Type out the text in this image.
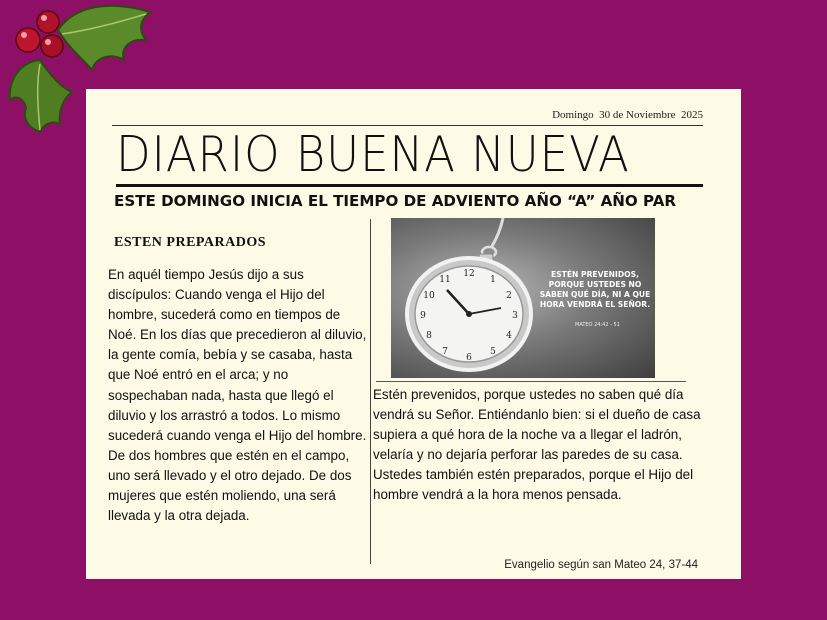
Domingo  30 de Noviembre  2025
DIARIO BUENA NUEVA
ESTE DOMINGO INICIA EL TIEMPO DE ADVIENTO AÑO “A” AÑO PAR
ESTEN PREPARADOS
En aquél tiempo Jesús dijo a sus discípulos: Cuando venga el Hijo del hombre, sucederá como en tiempos de Noé. En los días que precedieron al diluvio, la gente comía, bebía y se casaba, hasta que Noé entró en el arca; y no sospechaban nada, hasta que llegó el diluvio y los arrastró a todos. Lo mismo sucederá cuando venga el Hijo del hombre. De dos hombres que estén en el campo, uno será llevado y el otro dejado. De dos mujeres que estén moliendo, una será llevada y la otra dejada.
12
1
2
3
4
5
6
7
8
9
10
11
ESTÉN PREVENIDOS, PORQUE USTEDES NO SABEN QUÉ DÍA, NI A QUE HORA VENDRÁ EL SEÑOR.
MATEO 24:42 - 51
Estén prevenidos, porque ustedes no saben qué día vendrá su Señor. Entiéndanlo bien: si el dueño de casa supiera a qué hora de la noche va a llegar el ladrón, velaría y no dejaría perforar las paredes de su casa. Ustedes también estén preparados, porque el Hijo del hombre vendrá a la hora menos pensada.
Evangelio según san Mateo 24, 37-44
